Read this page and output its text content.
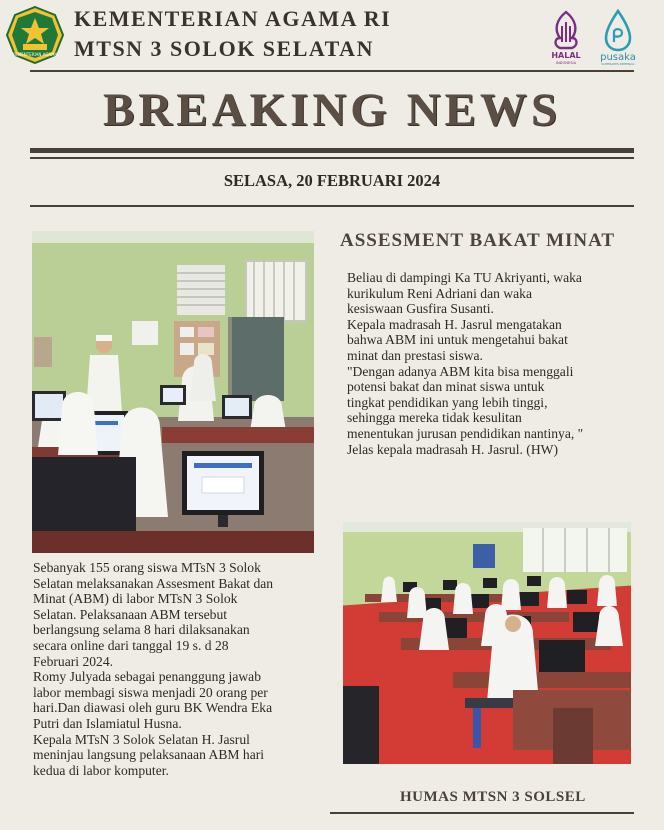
KEMENTERIAN AGAMA
KEMENTERIAN AGAMA RI
MTSN 3 SOLOK SELATAN	HALAL
INDONESIA pusaka
SUPERAPPS KEMENAG
BREAKING NEWS
SELASA, 20 FEBRUARI 2024
ASSESMENT BAKAT MINAT
Beliau di dampingi Ka TU Akriyanti, waka
kurikulum Reni Adriani dan waka
kesiswaan Gusfira Susanti.
Kepala madrasah H. Jasrul mengatakan
bahwa ABM ini untuk mengetahui bakat
minat dan prestasi siswa.
"Dengan adanya ABM kita bisa menggali
potensi bakat dan minat siswa untuk
tingkat pendidikan yang lebih tinggi,
sehingga mereka tidak kesulitan
menentukan jurusan pendidikan nantinya, "
Jelas kepala madrasah H. Jasrul. (HW)
Sebanyak 155 orang siswa MTsN 3 Solok
Selatan melaksanakan Assesment Bakat dan
Minat (ABM) di labor MTsN 3 Solok
Selatan. Pelaksanaan ABM tersebut
berlangsung selama 8 hari dilaksanakan
secara online dari tanggal 19 s. d 28
Februari 2024.
Romy Julyada sebagai penanggung jawab
labor membagi siswa menjadi 20 orang per
hari.Dan diawasi oleh guru BK Wendra Eka
Putri dan Islamiatul Husna.
Kepala MTsN 3 Solok Selatan H. Jasrul
meninjau langsung pelaksanaan ABM hari
kedua di labor komputer.
HUMAS MTSN 3 SOLSEL
